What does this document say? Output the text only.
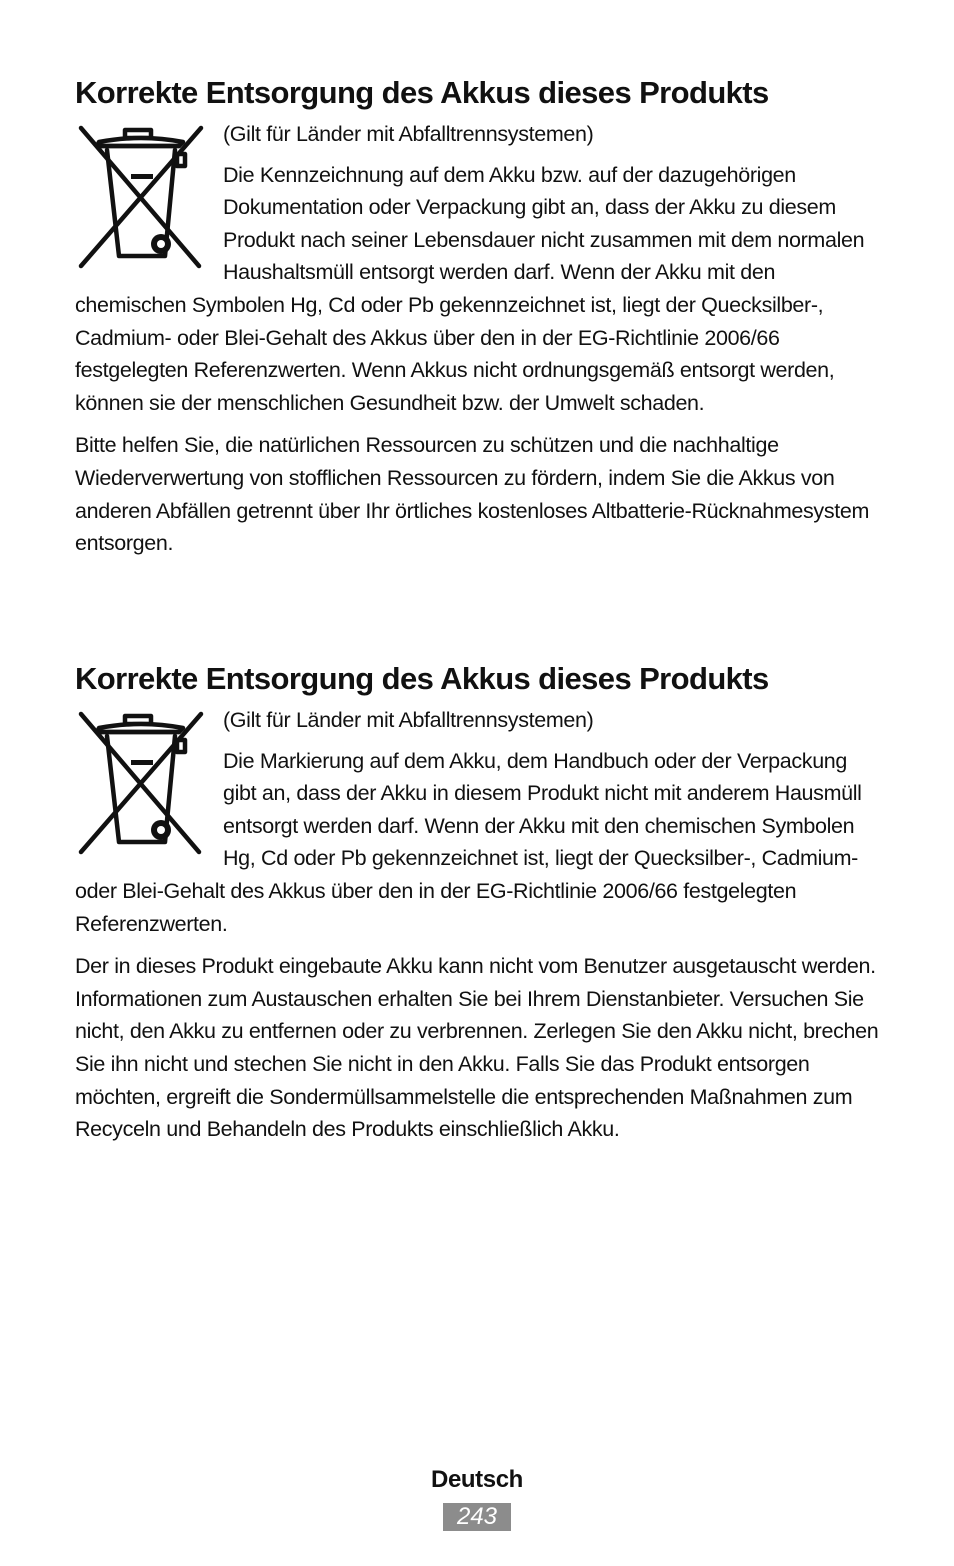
Korrekte Entsorgung des Akkus dieses Produkts

(Gilt für Länder mit Abfalltrennsystemen)
Die Kennzeichnung auf dem Akku bzw. auf der dazugehörigen Dokumentation oder Verpackung gibt an, dass der Akku zu diesem Produkt nach seiner Lebensdauer nicht zusammen mit dem normalen Haushaltsmüll entsorgt werden darf. Wenn der Akku mit den chemischen Symbolen Hg, Cd oder Pb gekennzeichnet ist, liegt der Quecksilber-, Cadmium- oder Blei-Gehalt des Akkus über den in der EG-Richtlinie 2006/66 festgelegten Referenzwerten. Wenn Akkus nicht ordnungsgemäß entsorgt werden, können sie der menschlichen Gesundheit bzw. der Umwelt schaden.

Bitte helfen Sie, die natürlichen Ressourcen zu schützen und die nachhaltige Wiederverwertung von stofflichen Ressourcen zu fördern, indem Sie die Akkus von anderen Abfällen getrennt über Ihr örtliches kostenloses Altbatterie-Rücknahmesystem entsorgen.

Korrekte Entsorgung des Akkus dieses Produkts

(Gilt für Länder mit Abfalltrennsystemen)
Die Markierung auf dem Akku, dem Handbuch oder der Verpackung gibt an, dass der Akku in diesem Produkt nicht mit anderem Hausmüll entsorgt werden darf. Wenn der Akku mit den chemischen Symbolen Hg, Cd oder Pb gekennzeichnet ist, liegt der Quecksilber-, Cadmium- oder Blei-Gehalt des Akkus über den in der EG-Richtlinie 2006/66 festgelegten Referenzwerten.

Der in dieses Produkt eingebaute Akku kann nicht vom Benutzer ausgetauscht werden. Informationen zum Austauschen erhalten Sie bei Ihrem Dienstanbieter. Versuchen Sie nicht, den Akku zu entfernen oder zu verbrennen. Zerlegen Sie den Akku nicht, brechen Sie ihn nicht und stechen Sie nicht in den Akku. Falls Sie das Produkt entsorgen möchten, ergreift die Sondermüllsammelstelle die entsprechenden Maßnahmen zum Recyceln und Behandeln des Produkts einschließlich Akku.

Deutsch
243
